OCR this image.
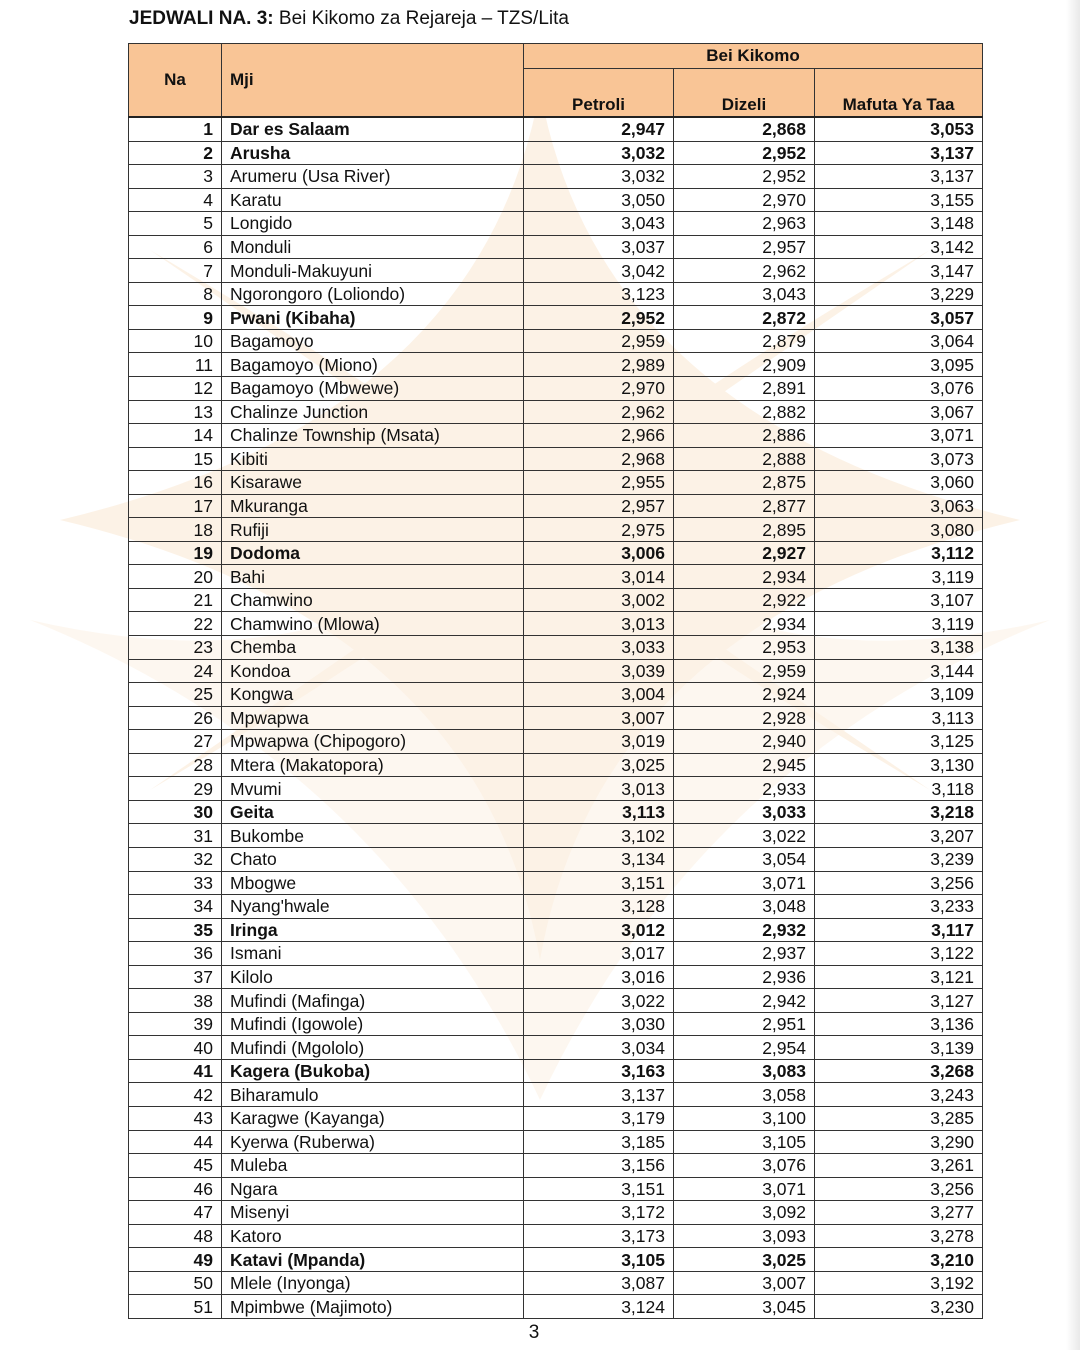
JEDWALI NA. 3: Bei Kikomo za Rejareja – TZS/Lita
Na	Mji	Bei Kikomo		
		Petroli	Dizeli	Mafuta Ya Taa
1	Dar es Salaam	2,947	2,868	3,053
2	Arusha	3,032	2,952	3,137
3	Arumeru (Usa River)	3,032	2,952	3,137
4	Karatu	3,050	2,970	3,155
5	Longido	3,043	2,963	3,148
6	Monduli	3,037	2,957	3,142
7	Monduli-Makuyuni	3,042	2,962	3,147
8	Ngorongoro (Loliondo)	3,123	3,043	3,229
9	Pwani (Kibaha)	2,952	2,872	3,057
10	Bagamoyo	2,959	2,879	3,064
11	Bagamoyo (Miono)	2,989	2,909	3,095
12	Bagamoyo (Mbwewe)	2,970	2,891	3,076
13	Chalinze Junction	2,962	2,882	3,067
14	Chalinze Township (Msata)	2,966	2,886	3,071
15	Kibiti	2,968	2,888	3,073
16	Kisarawe	2,955	2,875	3,060
17	Mkuranga	2,957	2,877	3,063
18	Rufiji	2,975	2,895	3,080
19	Dodoma	3,006	2,927	3,112
20	Bahi	3,014	2,934	3,119
21	Chamwino	3,002	2,922	3,107
22	Chamwino (Mlowa)	3,013	2,934	3,119
23	Chemba	3,033	2,953	3,138
24	Kondoa	3,039	2,959	3,144
25	Kongwa	3,004	2,924	3,109
26	Mpwapwa	3,007	2,928	3,113
27	Mpwapwa (Chipogoro)	3,019	2,940	3,125
28	Mtera (Makatopora)	3,025	2,945	3,130
29	Mvumi	3,013	2,933	3,118
30	Geita	3,113	3,033	3,218
31	Bukombe	3,102	3,022	3,207
32	Chato	3,134	3,054	3,239
33	Mbogwe	3,151	3,071	3,256
34	Nyang'hwale	3,128	3,048	3,233
35	Iringa	3,012	2,932	3,117
36	Ismani	3,017	2,937	3,122
37	Kilolo	3,016	2,936	3,121
38	Mufindi (Mafinga)	3,022	2,942	3,127
39	Mufindi (Igowole)	3,030	2,951	3,136
40	Mufindi (Mgololo)	3,034	2,954	3,139
41	Kagera (Bukoba)	3,163	3,083	3,268
42	Biharamulo	3,137	3,058	3,243
43	Karagwe (Kayanga)	3,179	3,100	3,285
44	Kyerwa (Ruberwa)	3,185	3,105	3,290
45	Muleba	3,156	3,076	3,261
46	Ngara	3,151	3,071	3,256
47	Misenyi	3,172	3,092	3,277
48	Katoro	3,173	3,093	3,278
49	Katavi (Mpanda)	3,105	3,025	3,210
50	Mlele (Inyonga)	3,087	3,007	3,192
51	Mpimbwe (Majimoto)	3,124	3,045	3,230
3
